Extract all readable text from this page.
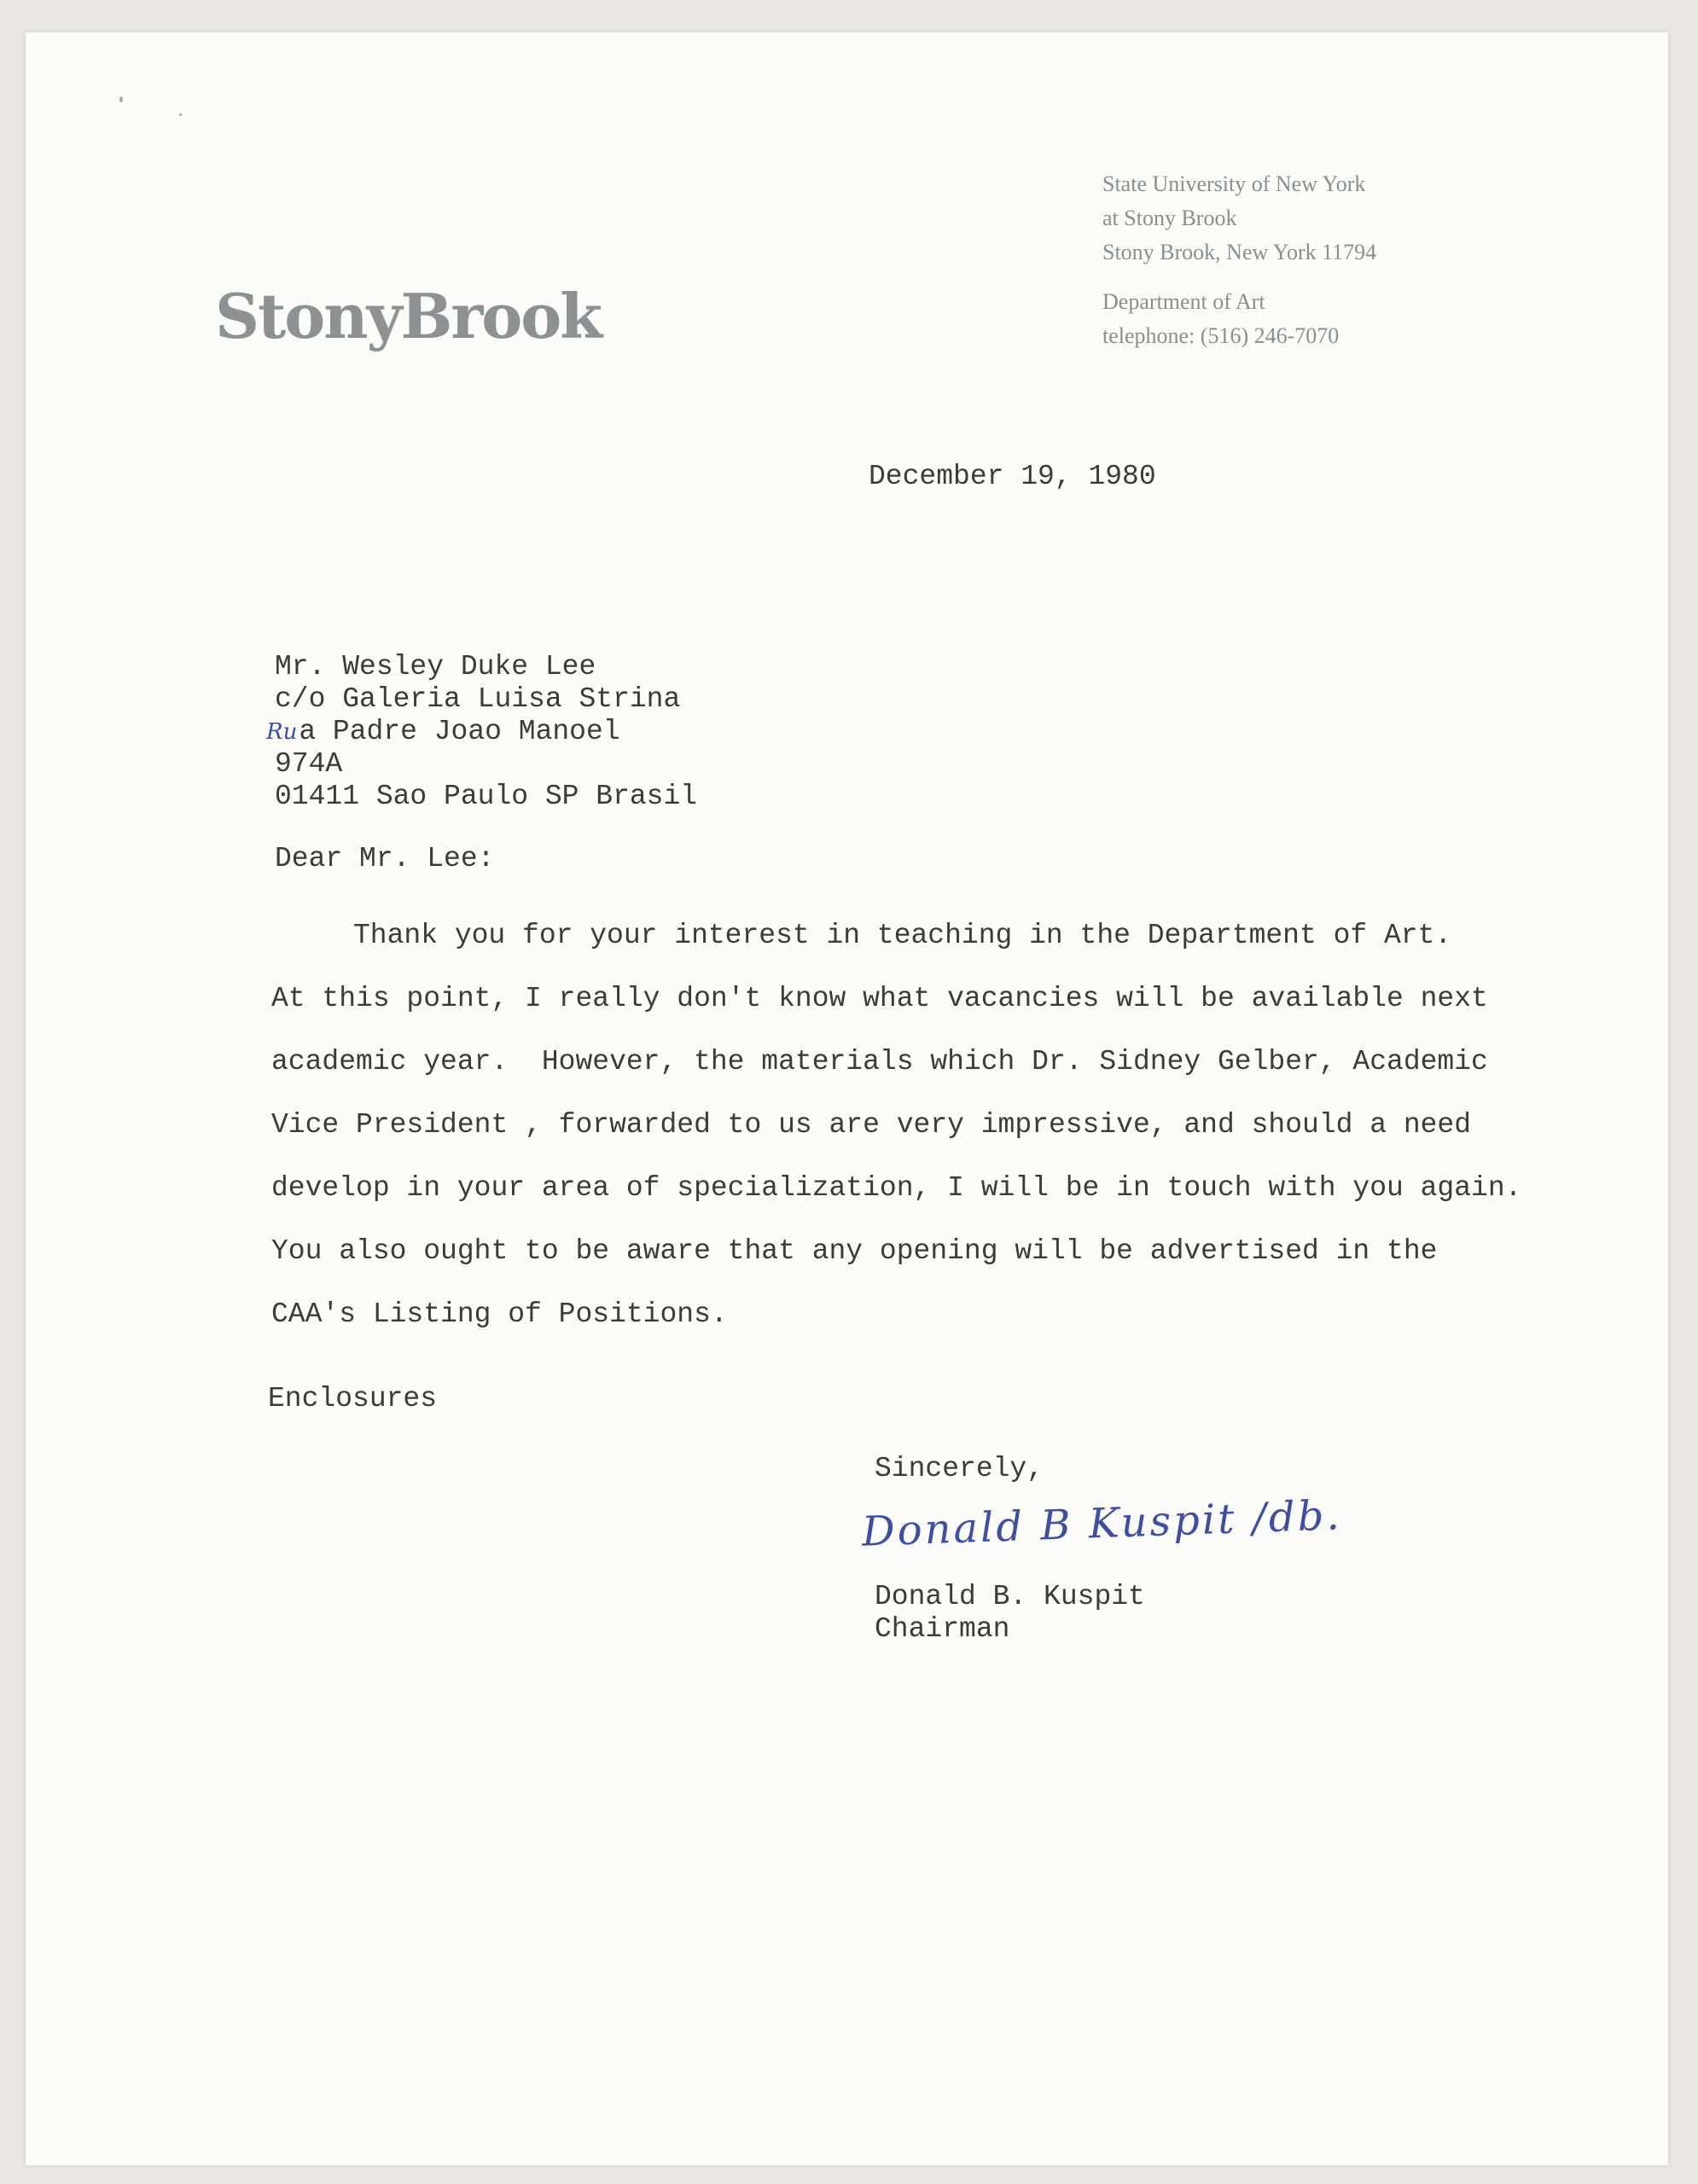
StonyBrook
State University of New York
at Stony Brook
Stony Brook, New York 11794
Department of Art
telephone: (516) 246-7070
December 19, 1980
Mr. Wesley Duke Lee
c/o Galeria Luisa Strina
Rua Padre Joao Manoel
974A
01411 Sao Paulo SP Brasil
Dear Mr. Lee:
Thank you for your interest in teaching in the Department of Art.
At this point, I really don't know what vacancies will be available next
academic year.  However, the materials which Dr. Sidney Gelber, Academic
Vice President , forwarded to us are very impressive, and should a need
develop in your area of specialization, I will be in touch with you again.
You also ought to be aware that any opening will be advertised in the
CAA's Listing of Positions.
Enclosures
Sincerely,
Donald B Kuspit /db.
Donald B. Kuspit
Chairman
